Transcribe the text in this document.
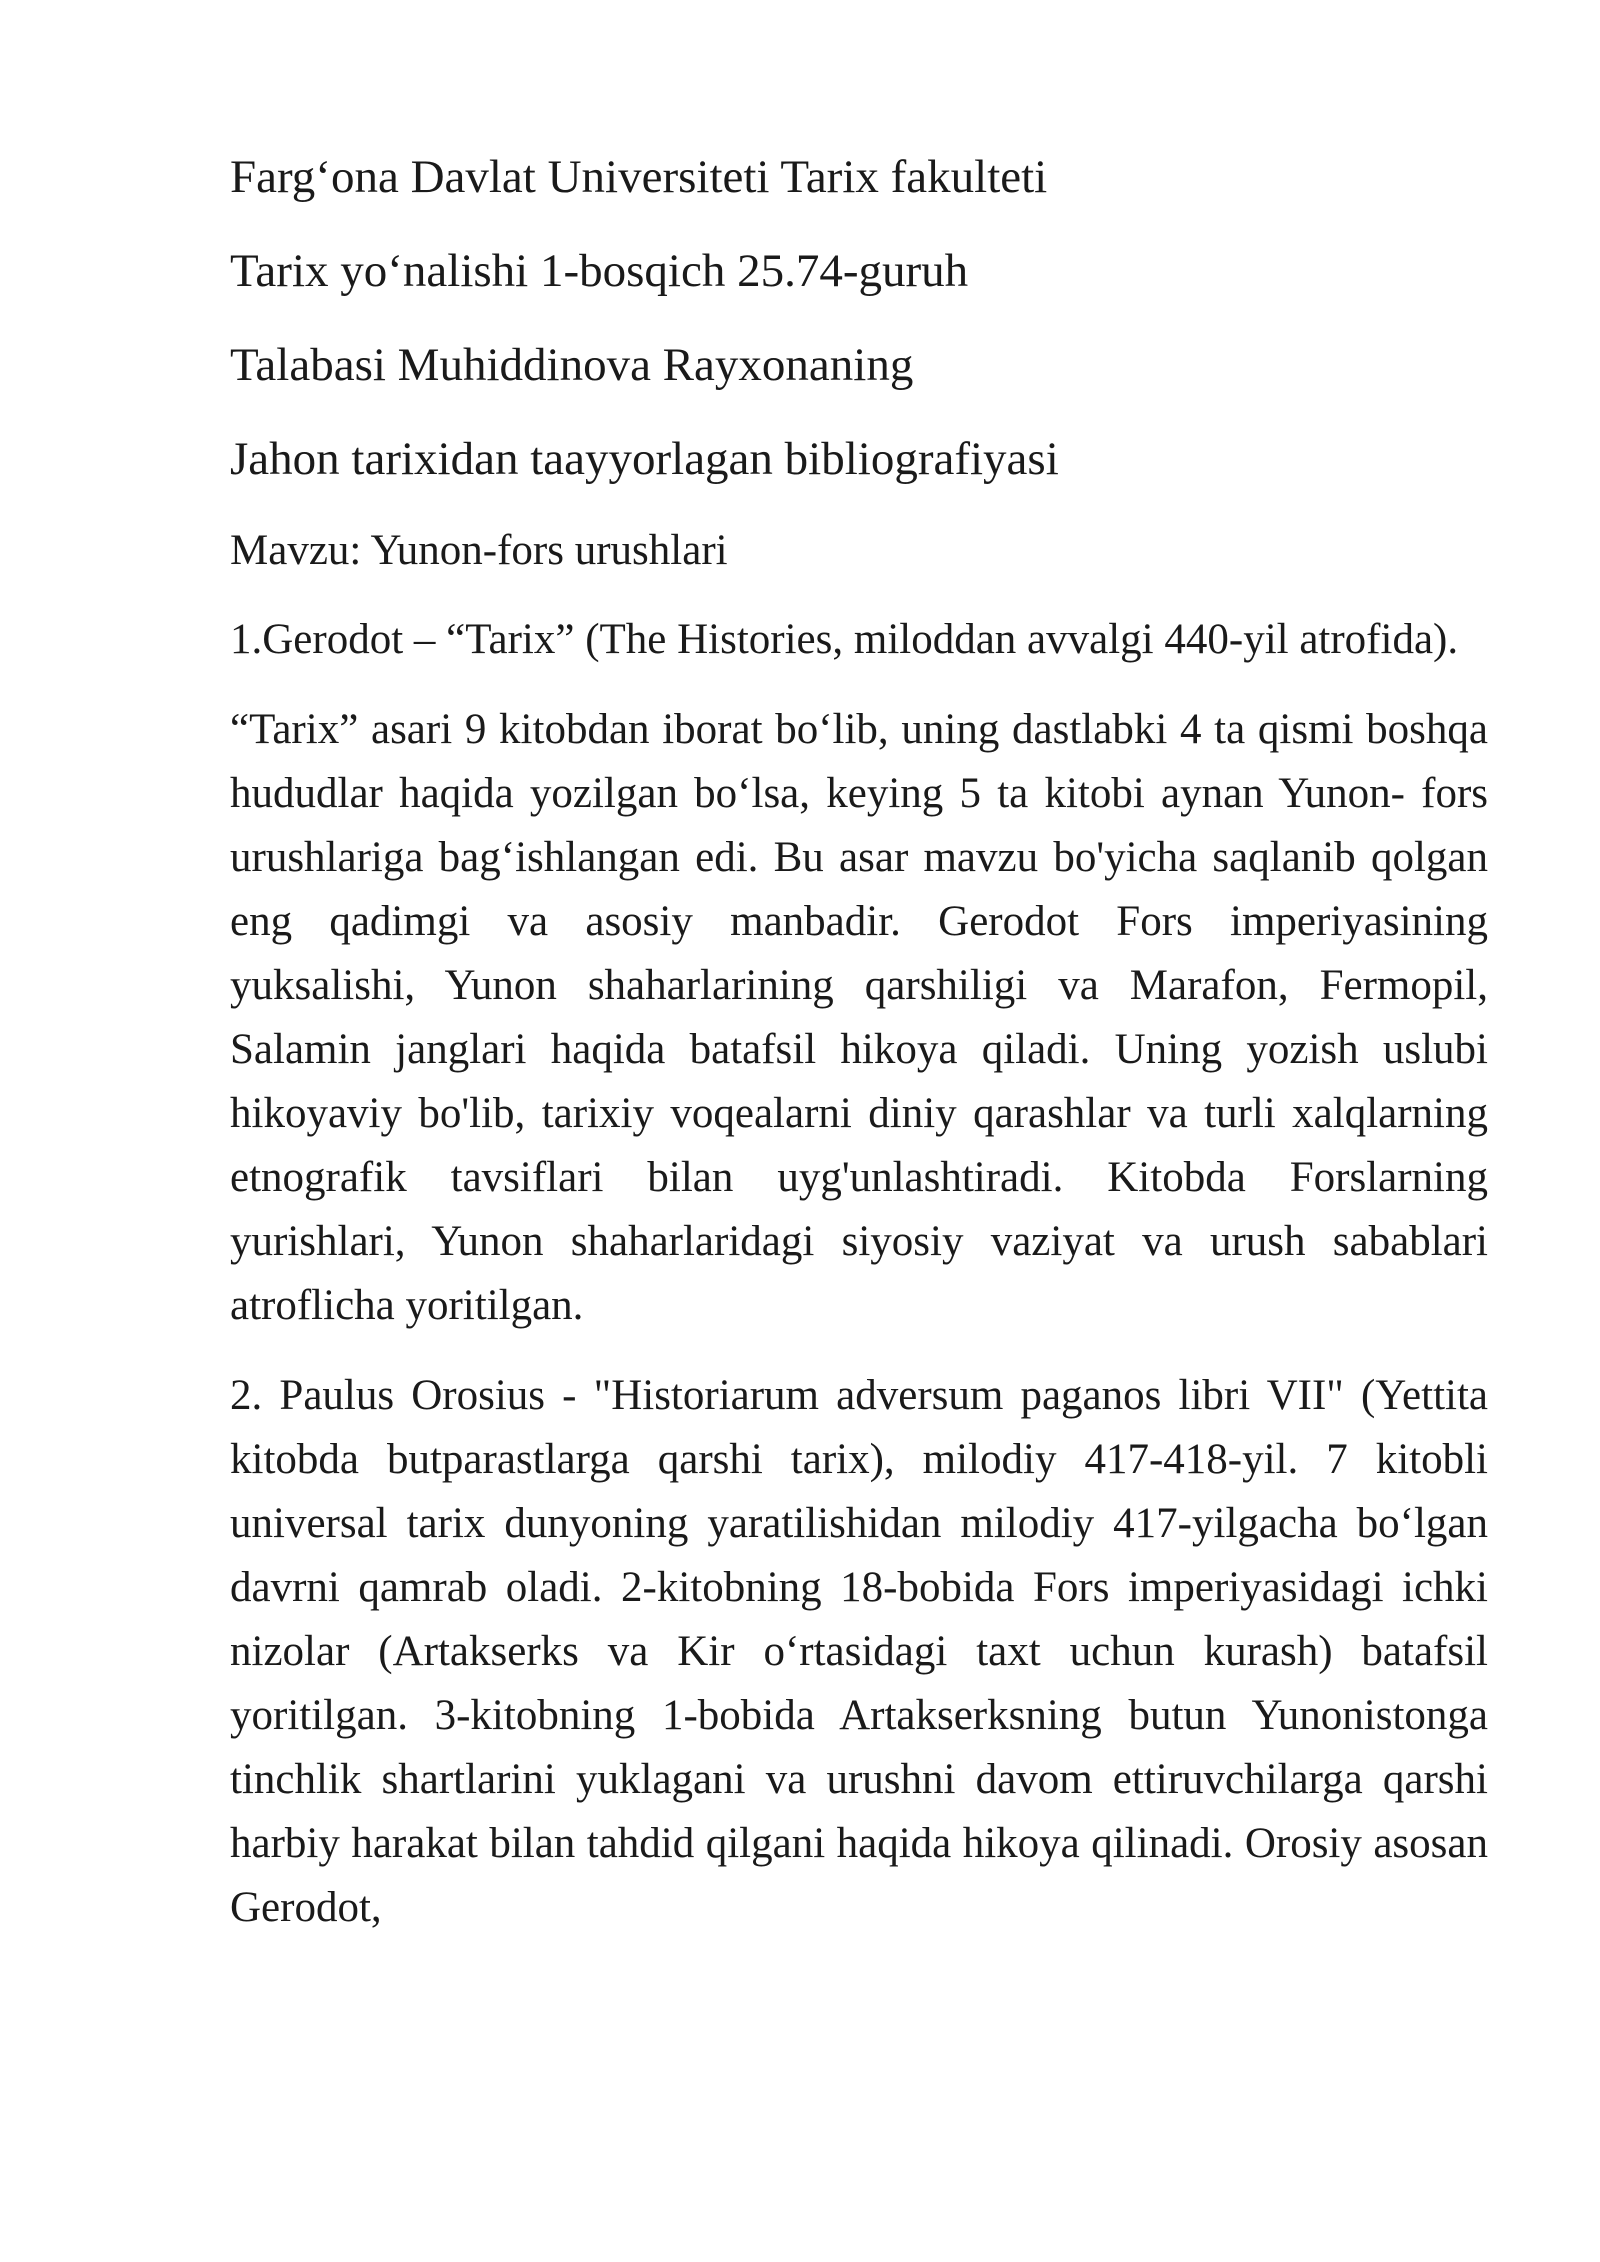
Farg‘ona Davlat Universiteti Tarix fakulteti

Tarix yo‘nalishi 1-bosqich 25.74-guruh

Talabasi Muhiddinova Rayxonaning

Jahon tarixidan taayyorlagan bibliografiyasi

Mavzu: Yunon-fors urushlari

1.Gerodot – “Tarix” (The Histories, miloddan avvalgi 440-yil atrofida).

“Tarix” asari 9 kitobdan iborat bo‘lib, uning dastlabki 4 ta qismi boshqa hududlar haqida yozilgan bo‘lsa, keying 5 ta kitobi aynan Yunon- fors urushlariga bag‘ishlangan edi. Bu asar mavzu bo'yicha saqlanib qolgan eng qadimgi va asosiy manbadir. Gerodot Fors imperiyasining yuksalishi, Yunon shaharlarining qarshiligi va Marafon, Fermopil, Salamin janglari haqida batafsil hikoya qiladi. Uning yozish uslubi hikoyaviy bo'lib, tarixiy voqealarni diniy qarashlar va turli xalqlarning etnografik tavsiflari bilan uyg'unlashtiradi. Kitobda Forslarning yurishlari, Yunon shaharlaridagi siyosiy vaziyat va urush sabablari atroflicha yoritilgan.

2. Paulus Orosius - "Historiarum adversum paganos libri VII" (Yettita kitobda butparastlarga qarshi tarix), milodiy 417-418-yil. 7 kitobli universal tarix dunyoning yaratilishidan milodiy 417-yilgacha bo‘lgan davrni qamrab oladi. 2-kitobning 18-bobida Fors imperiyasidagi ichki nizolar (Artakserks va Kir o‘rtasidagi taxt uchun kurash) batafsil yoritilgan. 3-kitobning 1-bobida Artakserksning butun Yunonistonga tinchlik shartlarini yuklagani va urushni davom ettiruvchilarga qarshi harbiy harakat bilan tahdid qilgani haqida hikoya qilinadi. Orosiy asosan Gerodot,
